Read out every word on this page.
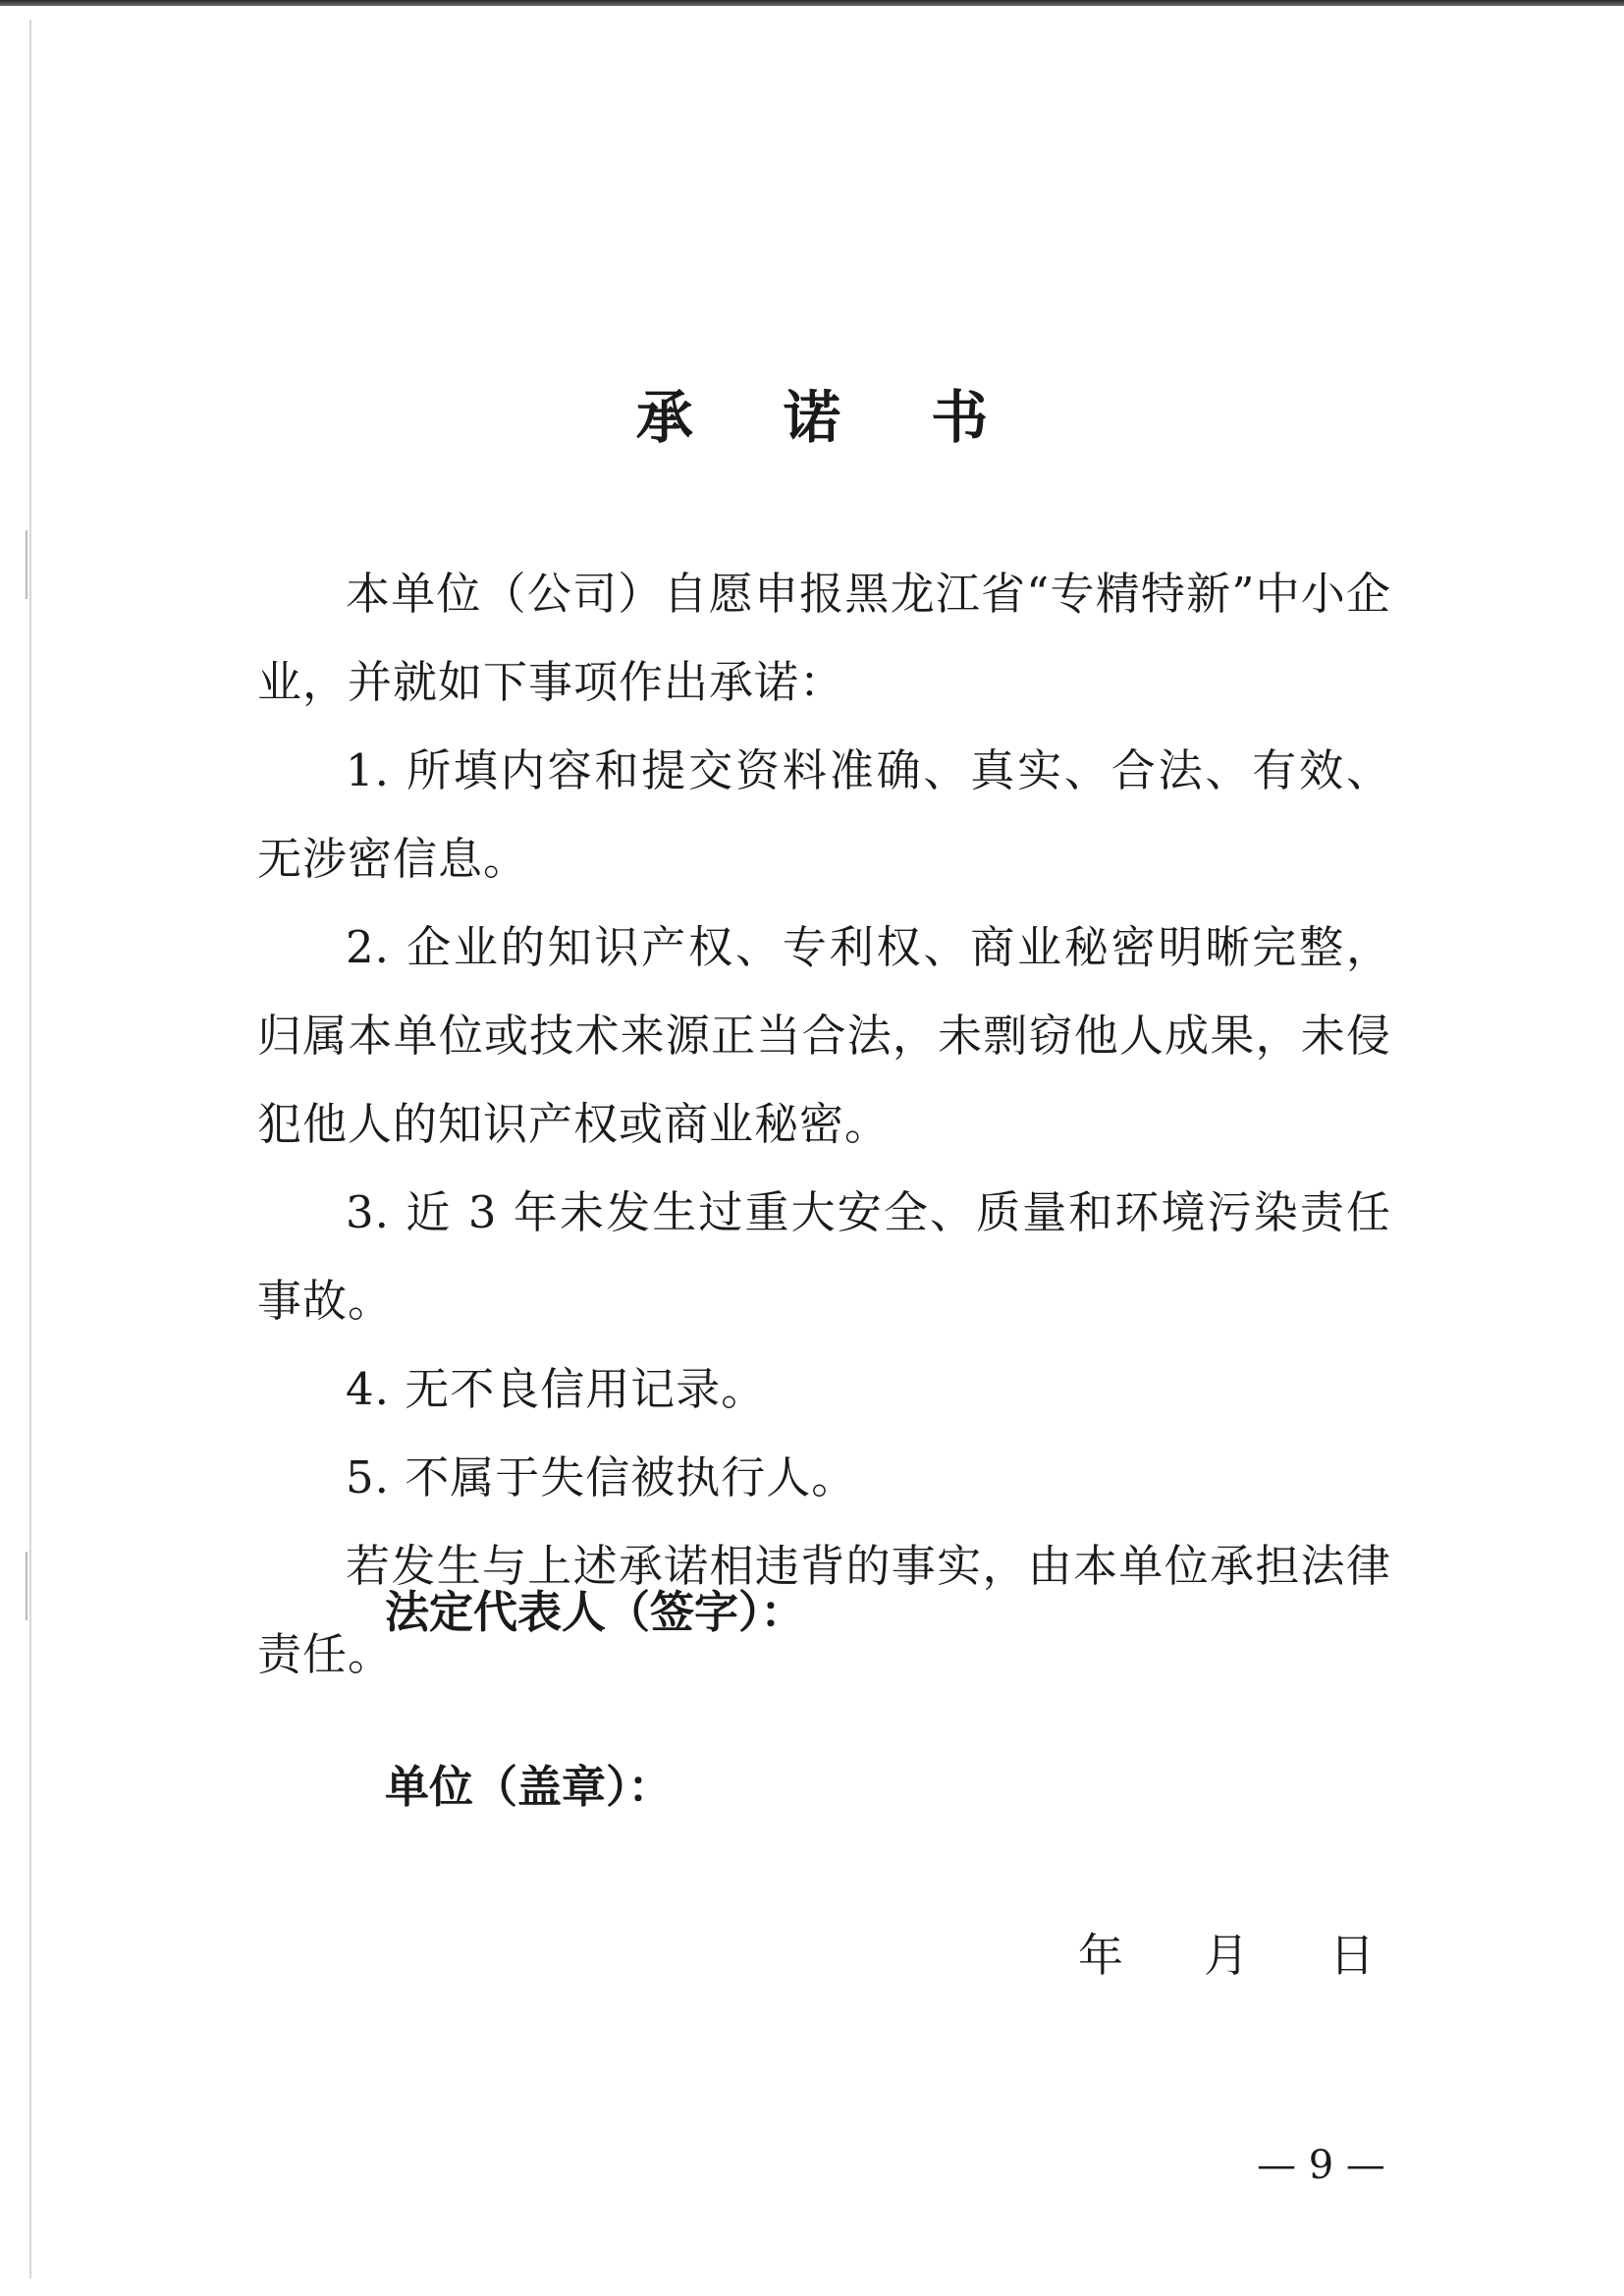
承 诺 书

本单位（公司）自愿申报黑龙江省“专精特新”中小企业，并就如下事项作出承诺：

1. 所填内容和提交资料准确、真实、合法、有效、无涉密信息。

2. 企业的知识产权、专利权、商业秘密明晰完整，归属本单位或技术来源正当合法，未剽窃他人成果，未侵犯他人的知识产权或商业秘密。

3. 近 3 年未发生过重大安全、质量和环境污染责任事故。

4. 无不良信用记录。

5. 不属于失信被执行人。

若发生与上述承诺相违背的事实，由本单位承担法律责任。

法定代表人（签字）：
单位（盖章）：
年 月 日
— 9 —
